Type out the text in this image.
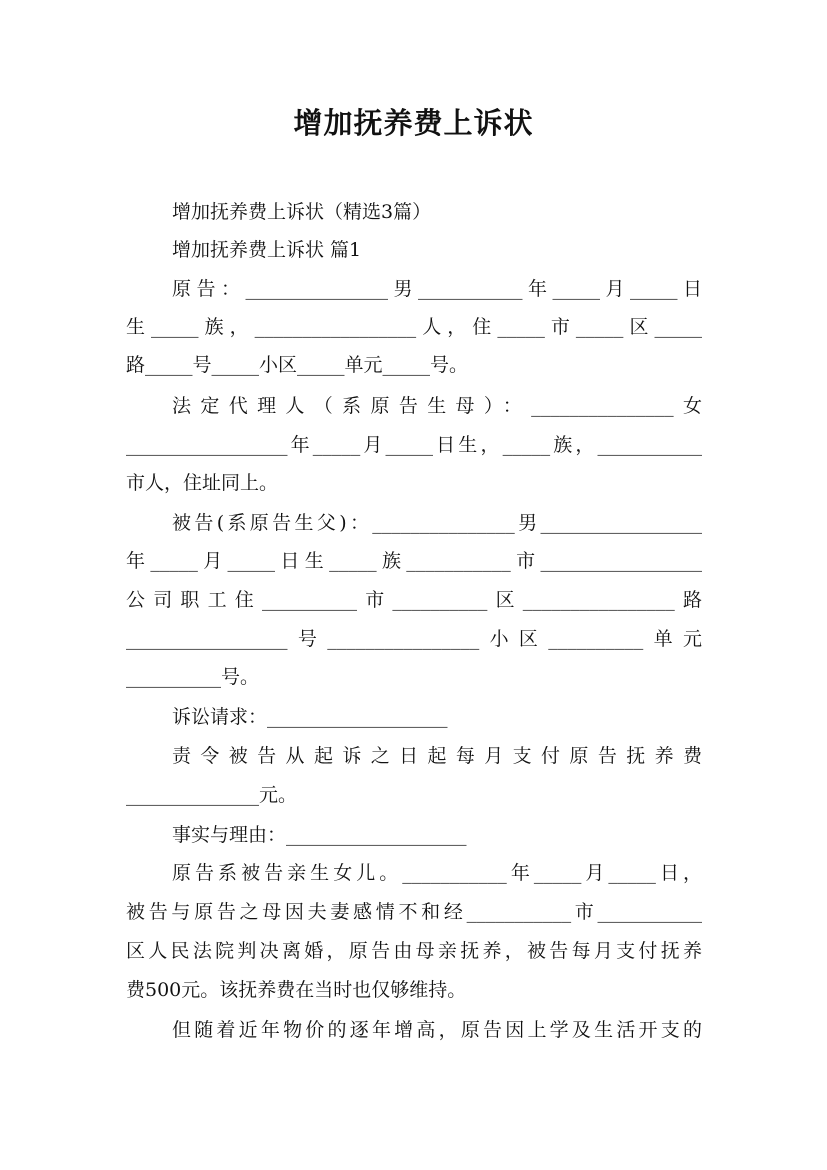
增加抚养费上诉状
增加抚养费上诉状（精选3篇）
增加抚养费上诉状 篇1
原告：_______________男___________年_____月_____日
生_____族，_________________人，住_____市_____区_____
路_____号_____小区_____单元_____号。
法定代理人（系原告生母）：_______________女
_________________年_____月_____日生，_____族，___________
市人，住址同上。
被告(系原告生父)：_______________男_________________
年_____月_____日生_____族___________市_________________
公司职工住__________市__________区________________路
_________________号________________小区__________单元
__________号。
诉讼请求：___________________
责令被告从起诉之日起每月支付原告抚养费
______________元。
事实与理由：___________________
原告系被告亲生女儿。___________年_____月_____日，
被告与原告之母因夫妻感情不和经___________市___________
区人民法院判决离婚，原告由母亲抚养，被告每月支付抚养
费500元。该抚养费在当时也仅够维持。
但随着近年物价的逐年增高，原告因上学及生活开支的
